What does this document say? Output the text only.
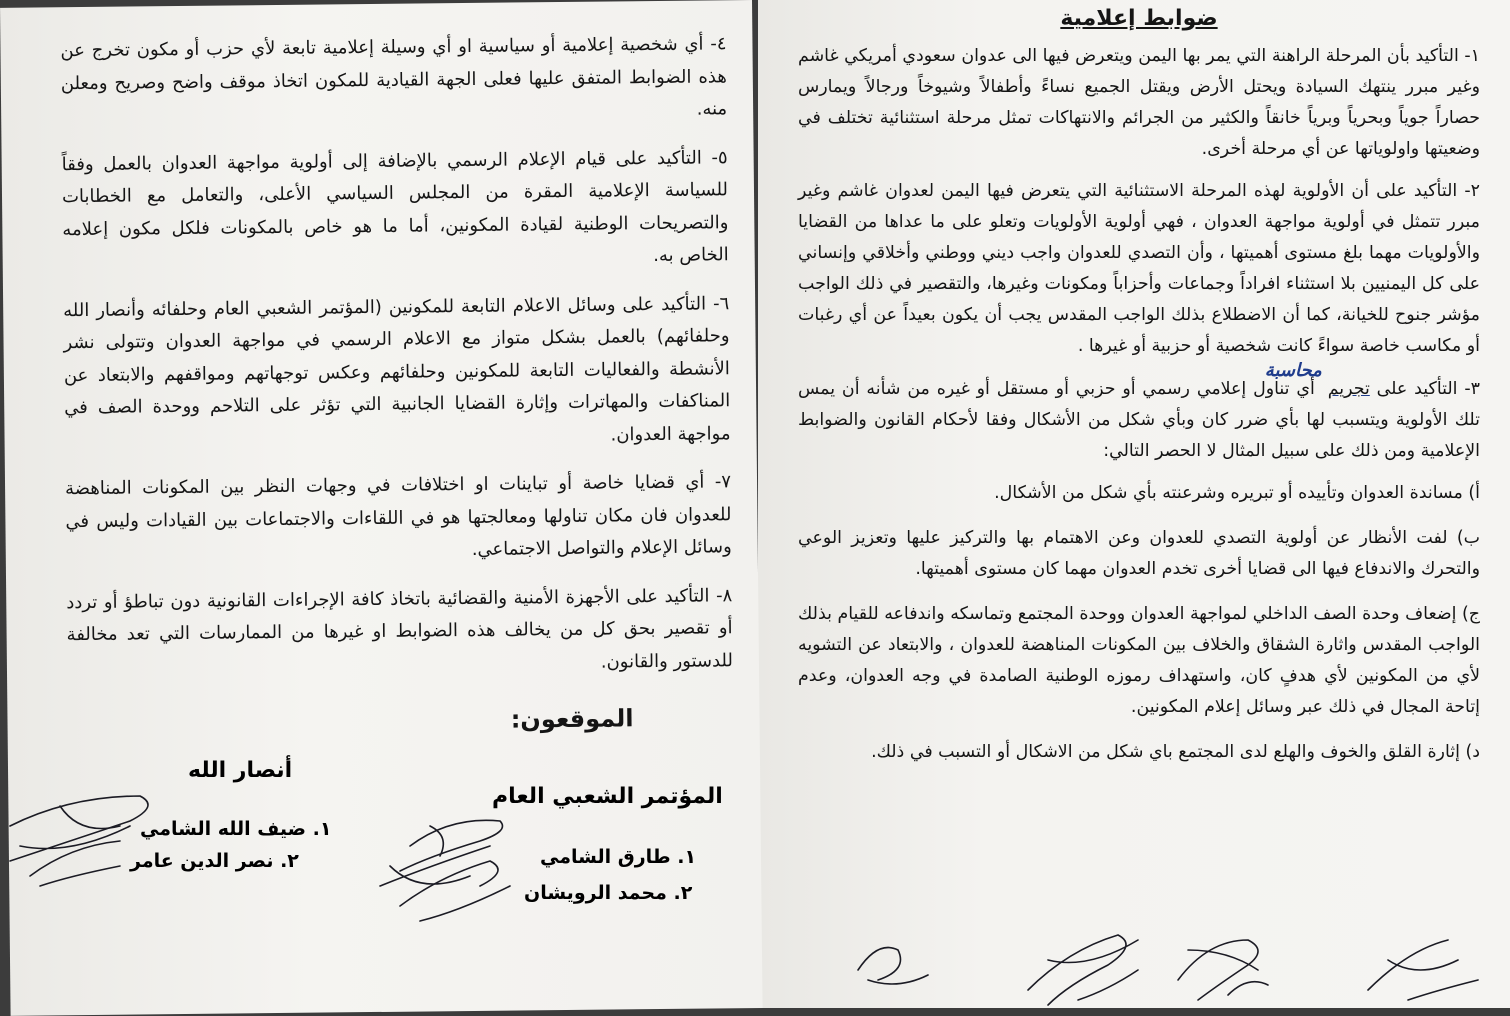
ضوابط إعلامية

١- التأكيد بأن المرحلة الراهنة التي يمر بها اليمن ويتعرض فيها الى عدوان سعودي أمريكي غاشم وغير مبرر ينتهك السيادة ويحتل الأرض ويقتل الجميع نساءً وأطفالاً وشيوخاً ورجالاً ويمارس حصاراً جوياً وبحرياً وبرياً خانقاً والكثير من الجرائم والانتهاكات تمثل مرحلة استثنائية تختلف في وضعيتها واولوياتها عن أي مرحلة أخرى.

٢- التأكيد على أن الأولوية لهذه المرحلة الاستثنائية التي يتعرض فيها اليمن لعدوان غاشم وغير مبرر تتمثل في أولوية مواجهة العدوان ، فهي أولوية الأولويات وتعلو على ما عداها من القضايا والأولويات مهما بلغ مستوى أهميتها ، وأن التصدي للعدوان واجب ديني ووطني وأخلاقي وإنساني على كل اليمنيين بلا استثناء افراداً وجماعات وأحزاباً ومكونات وغيرها، والتقصير في ذلك الواجب مؤشر جنوح للخيانة، كما أن الاضطلاع بذلك الواجب المقدس يجب أن يكون بعيداً عن أي رغبات أو مكاسب خاصة سواءً كانت شخصية أو حزبية أو غيرها .

٣- التأكيد على تجريممحاسبة أي تناول إعلامي رسمي أو حزبي أو مستقل أو غيره من شأنه أن يمس تلك الأولوية ويتسبب لها بأي ضرر كان وبأي شكل من الأشكال وفقا لأحكام القانون والضوابط الإعلامية ومن ذلك على سبيل المثال لا الحصر التالي:

أ) مساندة العدوان وتأييده أو تبريره وشرعنته بأي شكل من الأشكال.

ب) لفت الأنظار عن أولوية التصدي للعدوان وعن الاهتمام بها والتركيز عليها وتعزيز الوعي والتحرك والاندفاع فيها الى قضايا أخرى تخدم العدوان مهما كان مستوى أهميتها.

ج) إضعاف وحدة الصف الداخلي لمواجهة العدوان ووحدة المجتمع وتماسكه واندفاعه للقيام بذلك الواجب المقدس واثارة الشقاق والخلاف بين المكونات المناهضة للعدوان ، والابتعاد عن التشويه لأي من المكونين لأي هدفٍ كان، واستهداف رموزه الوطنية الصامدة في وجه العدوان، وعدم إتاحة المجال في ذلك عبر وسائل إعلام المكونين.

د) إثارة القلق والخوف والهلع لدى المجتمع باي شكل من الاشكال أو التسبب في ذلك.

٤- أي شخصية إعلامية أو سياسية او أي وسيلة إعلامية تابعة لأي حزب أو مكون تخرج عن هذه الضوابط المتفق عليها فعلى الجهة القيادية للمكون اتخاذ موقف واضح وصريح ومعلن منه.

٥- التأكيد على قيام الإعلام الرسمي بالإضافة إلى أولوية مواجهة العدوان بالعمل وفقاً للسياسة الإعلامية المقرة من المجلس السياسي الأعلى، والتعامل مع الخطابات والتصريحات الوطنية لقيادة المكونين، أما ما هو خاص بالمكونات فلكل مكون إعلامه الخاص به.

٦- التأكيد على وسائل الاعلام التابعة للمكونين (المؤتمر الشعبي العام وحلفائه وأنصار الله وحلفائهم) بالعمل بشكل متواز مع الاعلام الرسمي في مواجهة العدوان وتتولى نشر الأنشطة والفعاليات التابعة للمكونين وحلفائهم وعكس توجهاتهم ومواقفهم والابتعاد عن المناكفات والمهاترات وإثارة القضايا الجانبية التي تؤثر على التلاحم ووحدة الصف في مواجهة العدوان.

٧- أي قضايا خاصة أو تباينات او اختلافات في وجهات النظر بين المكونات المناهضة للعدوان فان مكان تناولها ومعالجتها هو في اللقاءات والاجتماعات بين القيادات وليس في وسائل الإعلام والتواصل الاجتماعي.

٨- التأكيد على الأجهزة الأمنية والقضائية باتخاذ كافة الإجراءات القانونية دون تباطؤ أو تردد أو تقصير بحق كل من يخالف هذه الضوابط او غيرها من الممارسات التي تعد مخالفة للدستور والقانون.

الموقعون:
المؤتمر الشعبي العام
أنصار الله
١. طارق الشامي
٢. محمد الرويشان
١. ضيف الله الشامي
٢. نصر الدين عامر
